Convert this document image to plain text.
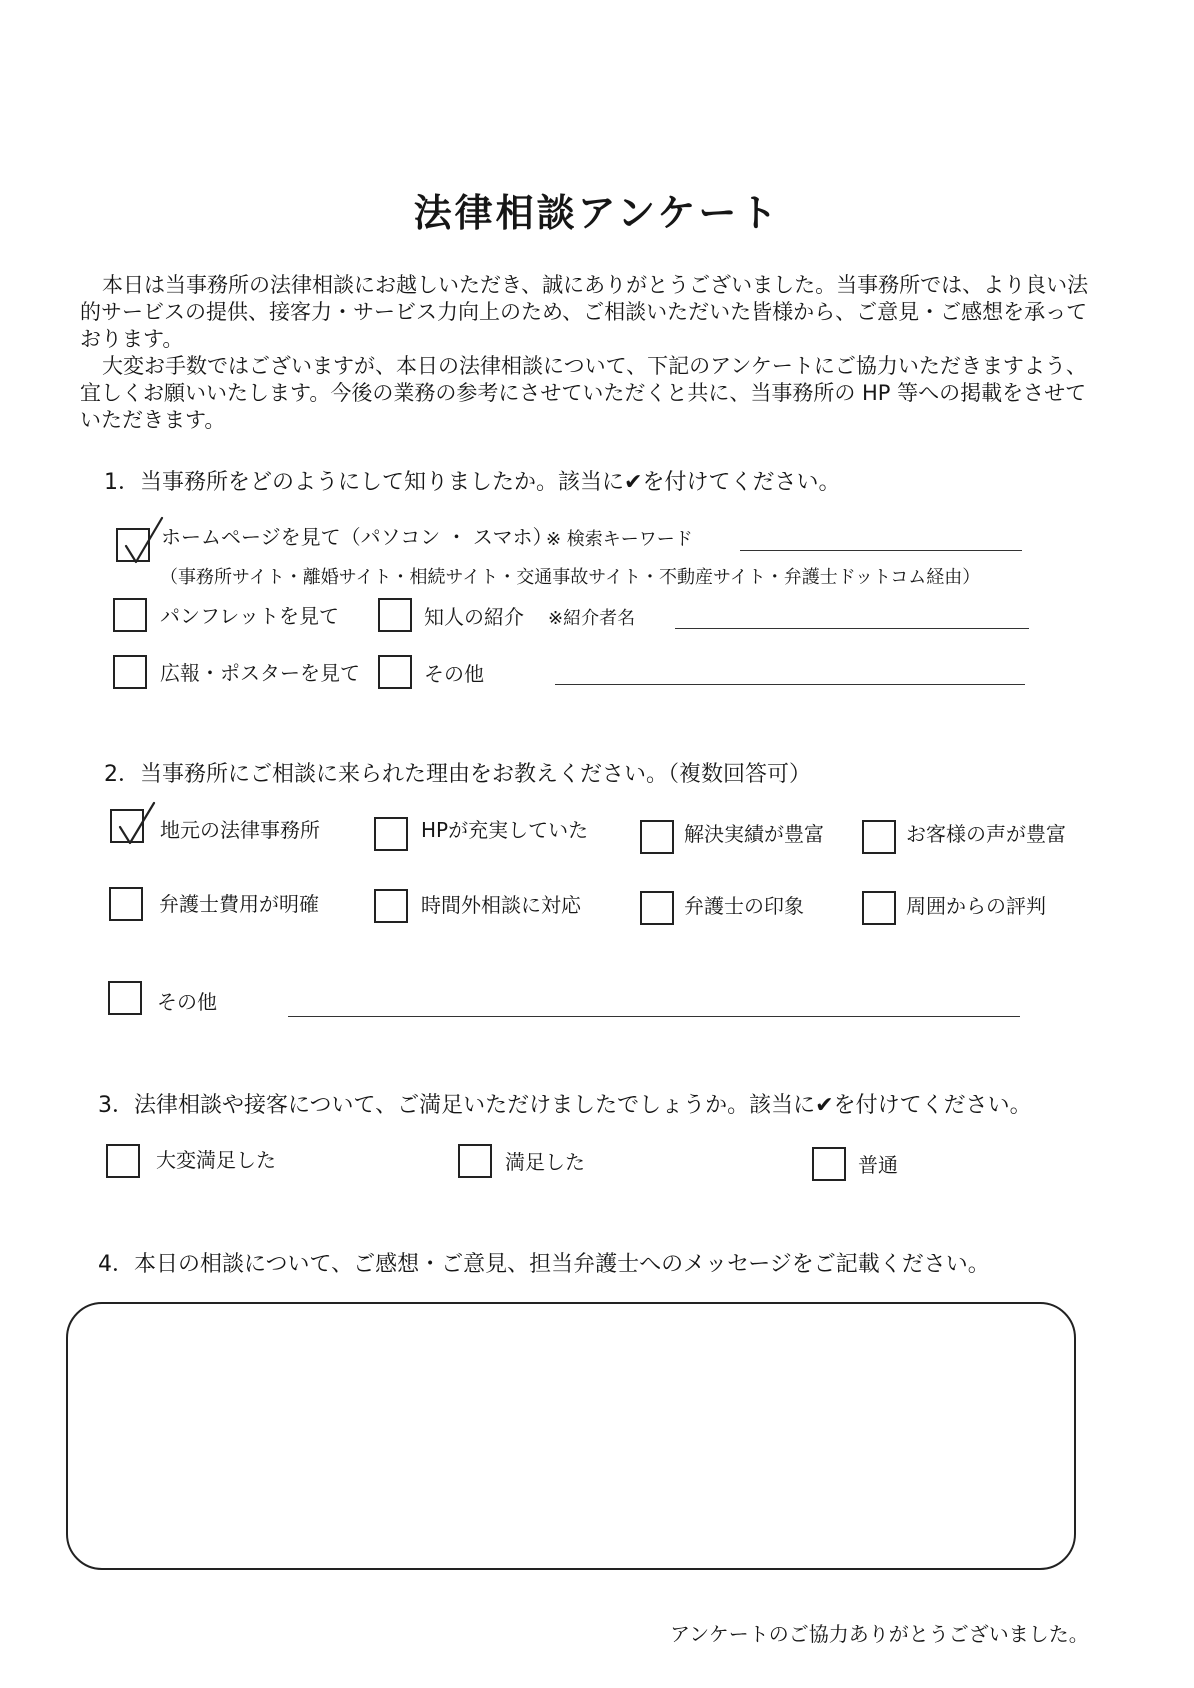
法律相談アンケート

本日は当事務所の法律相談にお越しいただき、誠にありがとうございました。当事務所では、より良い法的サービスの提供、接客力・サービス力向上のため、ご相談いただいた皆様から、ご意見・ご感想を承っております。

大変お手数ではございますが、本日の法律相談について、下記のアンケートにご協力いただきますよう、宜しくお願いいたします。今後の業務の参考にさせていただくと共に、当事務所の HP 等への掲載をさせていただきます。

1．当事務所をどのようにして知りましたか。該当に✔を付けてください。
ホームページを見て（パソコン ・ スマホ）
※ 検索キーワード
（事務所サイト・離婚サイト・相続サイト・交通事故サイト・不動産サイト・弁護士ドットコム経由）
パンフレットを見て	知人の紹介 ※紹介者名
広報・ポスターを見て	その他
2．当事務所にご相談に来られた理由をお教えください。（複数回答可）
地元の法律事務所	HPが充実していた	解決実績が豊富	お客様の声が豊富
弁護士費用が明確	時間外相談に対応	弁護士の印象	周囲からの評判
その他
3．法律相談や接客について、ご満足いただけましたでしょうか。該当に✔を付けてください。
大変満足した	満足した	普通
4．本日の相談について、ご感想・ご意見、担当弁護士へのメッセージをご記載ください。
アンケートのご協力ありがとうございました。
